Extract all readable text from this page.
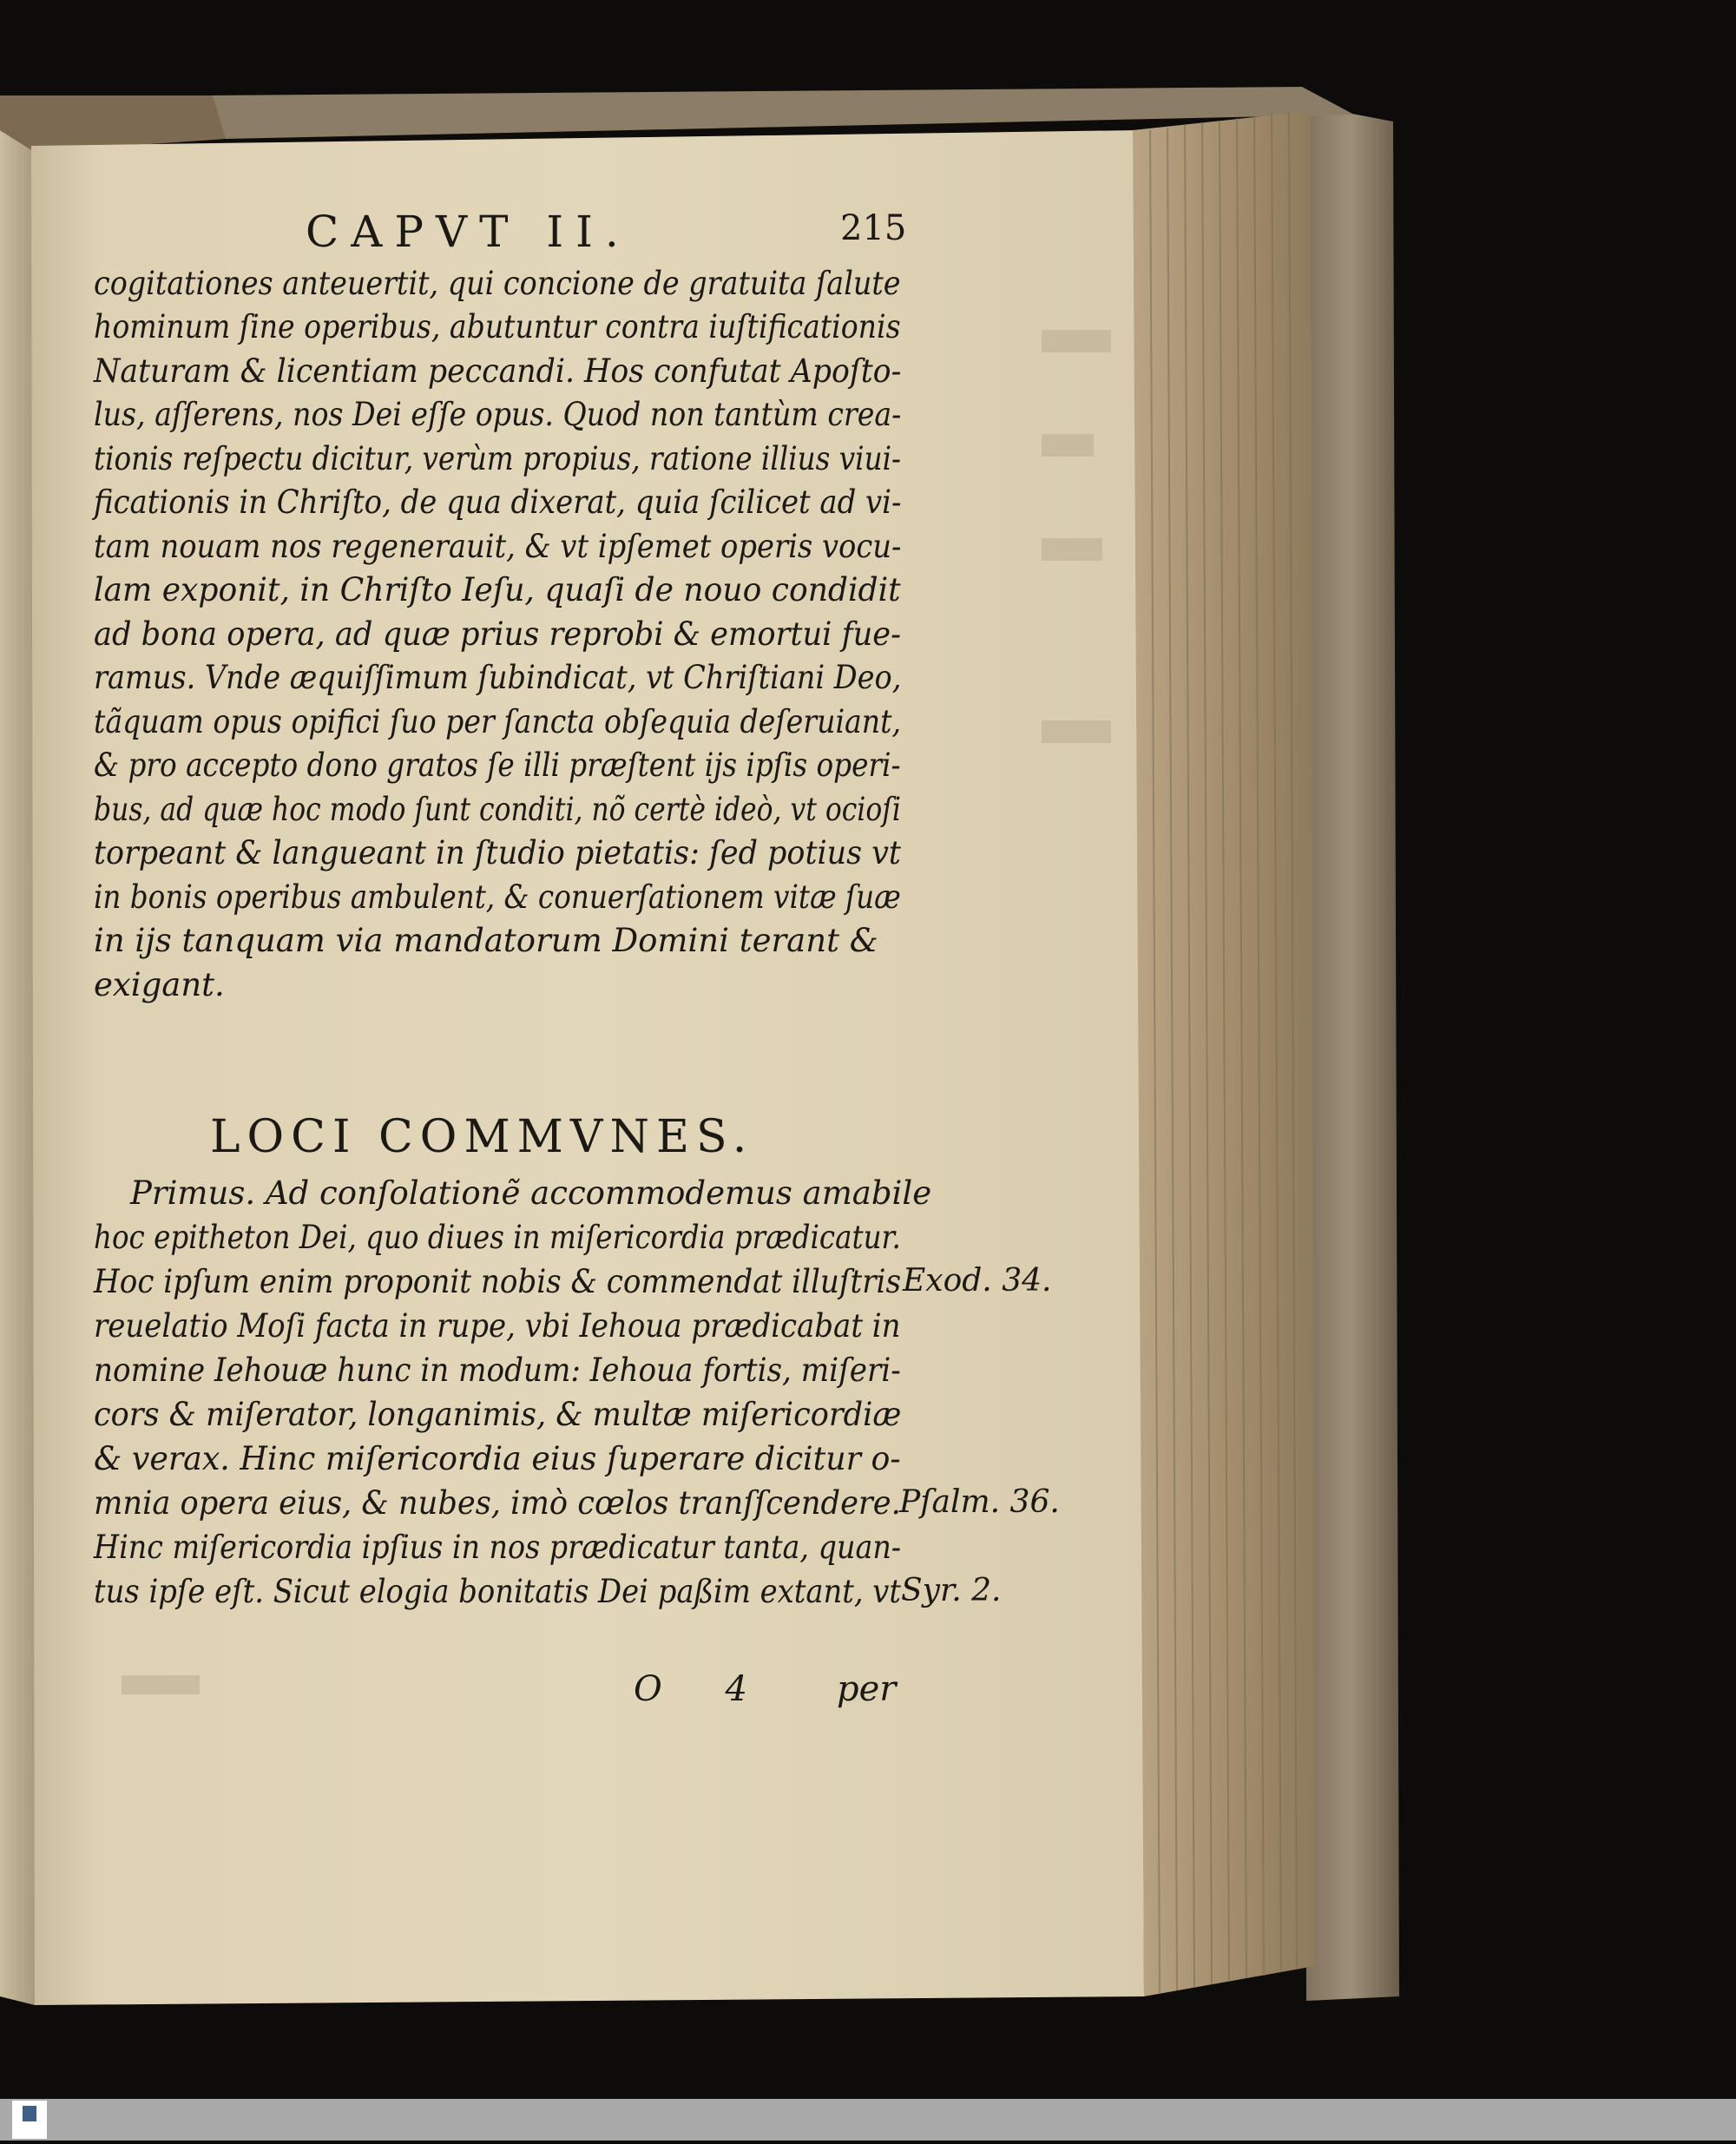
CAPVT II.	215
cogitationes anteuertit, qui concione de gratuita ſalute
hominum ſine operibus, abutuntur contra iuſtificationis
Naturam & licentiam peccandi. Hos confutat Apoſto-
lus, aſſerens, nos Dei eſſe opus. Quod non tantùm crea-
tionis reſpectu dicitur, verùm propius, ratione illius viui-
ficationis in Chriſto, de qua dixerat, quia ſcilicet ad vi-
tam nouam nos regenerauit, & vt ipſemet operis vocu-
lam exponit, in Chriſto Ieſu, quaſi de nouo condidit
ad bona opera, ad quæ prius reprobi & emortui fue-
ramus. Vnde æquiſſimum ſubindicat, vt Chriſtiani Deo,
tãquam opus opifici ſuo per ſancta obſequia deſeruiant,
& pro accepto dono gratos ſe illi præſtent ijs ipſis operi-
bus, ad quæ hoc modo ſunt conditi, nõ certè ideò, vt ocioſi
torpeant & langueant in ſtudio pietatis: ſed potius vt
in bonis operibus ambulent, & conuerſationem vitæ ſuæ
in ijs tanquam via mandatorum Domini terant &
exigant.
LOCI COMMVNES.
Primus. Ad conſolationẽ accommodemus amabile
hoc epitheton Dei, quo diues in miſericordia prædicatur.
Hoc ipſum enim proponit nobis & commendat illuſtris
reuelatio Moſi facta in rupe, vbi Iehoua prædicabat in
nomine Iehouæ hunc in modum: Iehoua fortis, miſeri-
cors & miſerator, longanimis, & multæ miſericordiæ
& verax. Hinc miſericordia eius ſuperare dicitur o-
mnia opera eius, & nubes, imò cœlos tranſſcendere.
Hinc miſericordia ipſius in nos prædicatur tanta, quan-
tus ipſe eſt. Sicut elogia bonitatis Dei paßim extant, vt
Exod. 34.
Pſalm. 36.
Syr. 2.
O 4 per
